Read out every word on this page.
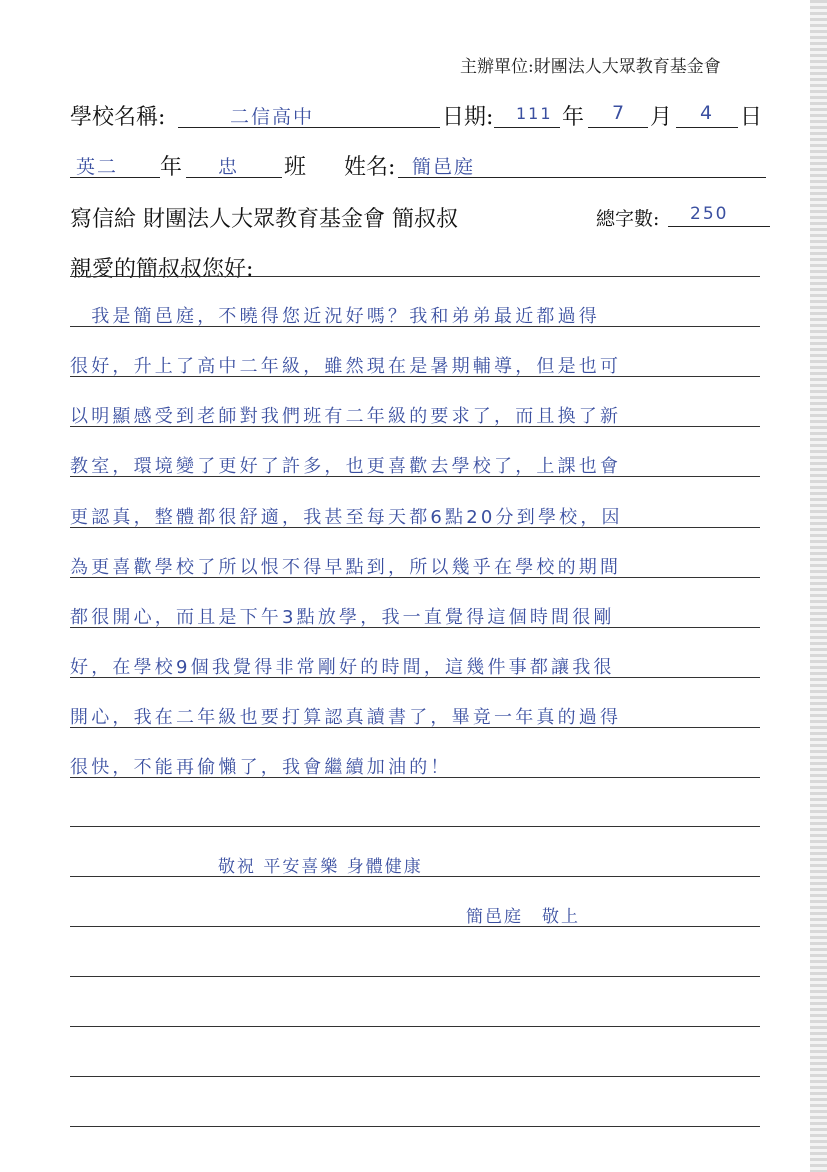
主辦單位:財團法人大眾教育基金會
學校名稱:	二信高中	日期: 111 年 7 月 4 日
英二 年 忠 班 姓名: 簡邑庭
寫信給 財團法人大眾教育基金會 簡叔叔	總字數: 250
親愛的簡叔叔您好:
　我是簡邑庭，不曉得您近況好嗎？我和弟弟最近都過得
很好，升上了高中二年級，雖然現在是暑期輔導，但是也可
以明顯感受到老師對我們班有二年級的要求了，而且換了新
教室，環境變了更好了許多，也更喜歡去學校了，上課也會
更認真，整體都很舒適，我甚至每天都6點20分到學校，因
為更喜歡學校了所以恨不得早點到，所以幾乎在學校的期間
都很開心，而且是下午3點放學，我一直覺得這個時間很剛
好，在學校9個我覺得非常剛好的時間，這幾件事都讓我很
開心，我在二年級也要打算認真讀書了，畢竟一年真的過得
很快，不能再偷懶了，我會繼續加油的！
敬祝 平安喜樂 身體健康
簡邑庭　敬上
